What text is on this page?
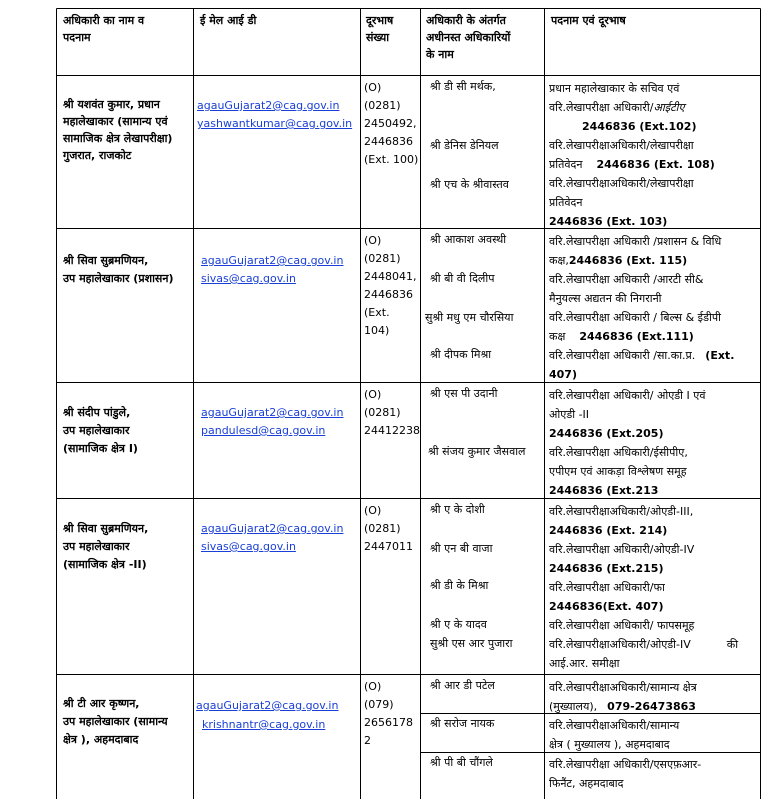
अधिकारी का नाम व
पदनाम
ई मेल आई डी	दूरभाष
संख्या
अधिकारी के अंतर्गत
अधीनस्त अधिकारियों
के नाम
पदनाम एवं दूरभाष
श्री यशवंत कुमार, प्रधान
महालेखाकार (सामान्य एवं
सामाजिक क्षेत्र लेखापरीक्षा)
गुजरात, राजकोट
agauGujarat2@cag.gov.in
yashwantkumar@cag.gov.in
(O)
(0281)
2450492,
2446836
(Ext. 100)
श्री डी सी मर्थक,
श्री डेनिस डेनियल
श्री एच के श्रीवास्तव
प्रधान महालेखाकार के सचिव एवं
वरि.लेखापरीक्षा अधिकारी/आईटीए
2446836 (Ext.102)
वरि.लेखापरीक्षाअधिकारी/लेखापरीक्षा
प्रतिवेदन 2446836 (Ext. 108)
वरि.लेखापरीक्षाअधिकारी/लेखापरीक्षा
प्रतिवेदन
2446836 (Ext. 103)
श्री सिवा सुब्रमणियन,
उप महालेखाकार (प्रशासन)
agauGujarat2@cag.gov.in
sivas@cag.gov.in
(O)
(0281)
2448041,
2446836
(Ext.
104)
श्री आकाश अवस्थी
श्री बी वी दिलीप
सुश्री मधु एम चौरसिया
श्री दीपक मिश्रा
वरि.लेखापरीक्षा अधिकारी /प्रशासन & विधि
कक्ष,2446836 (Ext. 115)
वरि.लेखापरीक्षा अधिकारी /आरटी सी&
मैनुयल्स अद्यतन की निगरानी
वरि.लेखापरीक्षा अधिकारी / बिल्स & ईडीपी
कक्ष 2446836 (Ext.111)
वरि.लेखापरीक्षा अधिकारी /सा.का.प्र. (Ext.
407)
श्री संदीप पांडुले,
उप महालेखाकार
(सामाजिक क्षेत्र I)
agauGujarat2@cag.gov.in
pandulesd@cag.gov.in
(O)
(0281)
24412238
श्री एस पी उदानी
श्री संजय कुमार जैसवाल
वरि.लेखापरीक्षा अधिकारी/ ओएडी I एवं
ओएडी -II
2446836 (Ext.205)
वरि.लेखापरीक्षा अधिकारी/ईसीपीए,
एपीएम एवं आकड़ा विश्लेषण समूह
2446836 (Ext.213
श्री सिवा सुब्रमणियन,
उप महालेखाकार
(सामाजिक क्षेत्र -II)
agauGujarat2@cag.gov.in
sivas@cag.gov.in
(O)
(0281)
2447011
श्री ए के दोशी
श्री एन बी वाजा
श्री डी के मिश्रा
श्री ए के यादव
सुश्री एस आर पुजारा
वरि.लेखापरीक्षाअधिकारी/ओएडी-III,
2446836 (Ext. 214)
वरि.लेखापरीक्षा अधिकारी/ओएडी-IV
2446836 (Ext.215)
वरि.लेखापरीक्षा अधिकारी/फा
2446836(Ext. 407)
वरि.लेखापरीक्षा अधिकारी/ फापसमूह
वरि.लेखापरीक्षाअधिकारी/ओएडी-IV	की
आई.आर. समीक्षा
श्री टी आर कृष्णन,
उप महालेखाकार (सामान्य
क्षेत्र ), अहमदाबाद
agauGujarat2@cag.gov.in
krishnantr@cag.gov.in
(O)
(079)
2656178
2
श्री आर डी पटेल
श्री सरोज नायक
श्री पी बी चौंगले
वरि.लेखापरीक्षाअधिकारी/सामान्य क्षेत्र
(मुख्यालय), 079-26473863
वरि.लेखापरीक्षाअधिकारी/सामान्य
क्षेत्र ( मुख्यालय ), अहमदाबाद
वरि.लेखापरीक्षा अधिकारी/एसएफ़आर-
फिनैंट, अहमदाबाद
